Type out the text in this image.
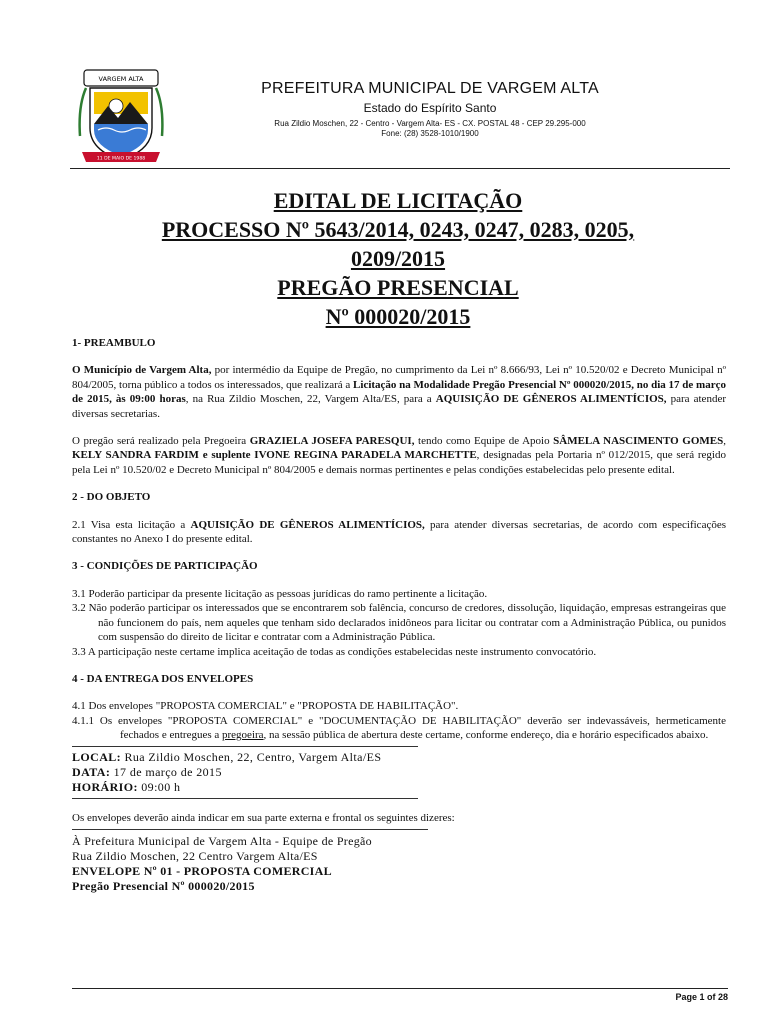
VARGEM ALTA
11 DE MAIO DE 1988
PREFEITURA MUNICIPAL DE VARGEM ALTA
Estado do Espírito Santo
Rua Zildio Moschen, 22 - Centro - Vargem Alta- ES - CX. POSTAL 48 - CEP 29.295-000
Fone: (28) 3528-1010/1900
EDITAL DE LICITAÇÃO
PROCESSO Nº 5643/2014, 0243, 0247, 0283, 0205,
0209/2015
PREGÃO PRESENCIAL
Nº 000020/2015
1- PREAMBULO

O Município de Vargem Alta, por intermédio da Equipe de Pregão, no cumprimento da Lei nº 8.666/93, Lei nº 10.520/02 e Decreto Municipal nº 804/2005, torna público a todos os interessados, que realizará a Licitação na Modalidade Pregão Presencial Nº 000020/2015, no dia 17 de março de 2015, às 09:00 horas, na Rua Zildio Moschen, 22, Vargem Alta/ES, para a AQUISIÇÃO DE GÊNEROS ALIMENTÍCIOS, para atender diversas secretarias.

O pregão será realizado pela Pregoeira GRAZIELA JOSEFA PARESQUI, tendo como Equipe de Apoio SÂMELA NASCIMENTO GOMES, KELY SANDRA FARDIM e suplente IVONE REGINA PARADELA MARCHETTE, designadas pela Portaria nº 012/2015, que será regido pela Lei nº 10.520/02 e Decreto Municipal nº 804/2005 e demais normas pertinentes e pelas condições estabelecidas pelo presente edital.

2 - DO OBJETO

2.1 Visa esta licitação a AQUISIÇÃO DE GÊNEROS ALIMENTÍCIOS, para atender diversas secretarias, de acordo com especificações constantes no Anexo I do presente edital.

3 - CONDIÇÕES DE PARTICIPAÇÃO

3.1 Poderão participar da presente licitação as pessoas jurídicas do ramo pertinente a licitação.

3.2 Não poderão participar os interessados que se encontrarem sob falência, concurso de credores, dissolução, liquidação, empresas estrangeiras que não funcionem do país, nem aqueles que tenham sido declarados inidôneos para licitar ou contratar com a Administração Pública, ou punidos com suspensão do direito de licitar e contratar com a Administração Pública.

3.3 A participação neste certame implica aceitação de todas as condições estabelecidas neste instrumento convocatório.

4 - DA ENTREGA DOS ENVELOPES

4.1 Dos envelopes "PROPOSTA COMERCIAL" e "PROPOSTA DE HABILITAÇÃO".

4.1.1 Os envelopes "PROPOSTA COMERCIAL" e "DOCUMENTAÇÃO DE HABILITAÇÃO" deverão ser indevassáveis, hermeticamente fechados e entregues a pregoeira, na sessão pública de abertura deste certame, conforme endereço, dia e horário especificados abaixo.

LOCAL: Rua Zildio Moschen, 22, Centro, Vargem Alta/ES
DATA: 17 de março de 2015
HORÁRIO: 09:00 h

Os envelopes deverão ainda indicar em sua parte externa e frontal os seguintes dizeres:

À Prefeitura Municipal de Vargem Alta - Equipe de Pregão
Rua Zildio Moschen, 22 Centro Vargem Alta/ES
ENVELOPE Nº 01 - PROPOSTA COMERCIAL
Pregão Presencial Nº 000020/2015
Page 1 of 28
